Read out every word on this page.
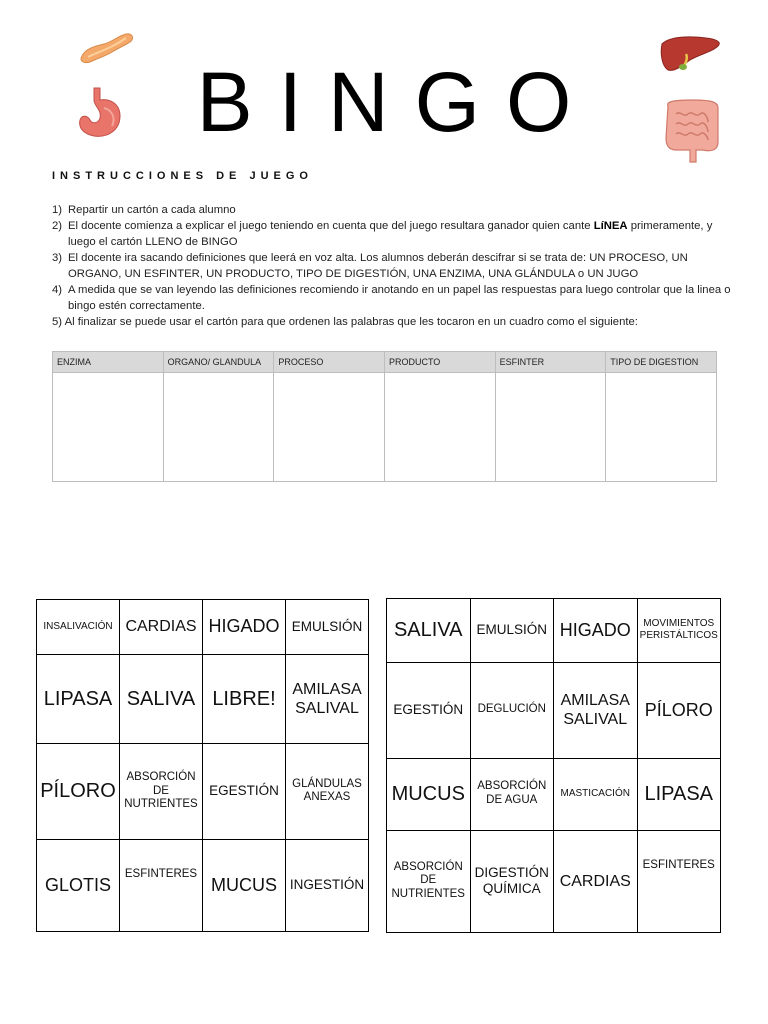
BINGO
INSTRUCCIONES DE JUEGO
1) Repartir un cartón a cada alumno
2) El docente comienza a explicar el juego teniendo en cuenta que del juego resultara ganador quien cante LíNEA primeramente, y luego el cartón LLENO de BINGO
3) El docente ira sacando definiciones que leerá en voz alta. Los alumnos deberán descifrar si se trata de: UN PROCESO, UN ORGANO, UN ESFINTER, UN PRODUCTO, TIPO DE DIGESTIÓN, UNA ENZIMA, UNA GLÁNDULA o UN JUGO
4) A medida que se van leyendo las definiciones recomiendo ir anotando en un papel las respuestas para luego controlar que la linea o bingo estén correctamente.
5) Al finalizar se puede usar el cartón para que ordenen las palabras que les tocaron en un cuadro como el siguiente:
ENZIMA	ORGANO/ GLANDULA	PROCESO	PRODUCTO	ESFINTER	TIPO DE DIGESTION

INSALIVACIÓN	CARDIAS	HIGADO	EMULSIÓN
LIPASA	SALIVA	LIBRE!	AMILASA SALIVAL
PÍLORO	ABSORCIÓN DE NUTRIENTES	EGESTIÓN	GLÁNDULAS ANEXAS
GLOTIS	ESFINTERES	MUCUS	INGESTIÓN
SALIVA	EMULSIÓN	HIGADO	MOVIMIENTOS PERISTÁLTICOS
EGESTIÓN	DEGLUCIÓN	AMILASA SALIVAL	PÍLORO
MUCUS	ABSORCIÓN DE AGUA	MASTICACIÓN	LIPASA
ABSORCIÓN DE NUTRIENTES	DIGESTIÓN QUÍMICA	CARDIAS	ESFINTERES
